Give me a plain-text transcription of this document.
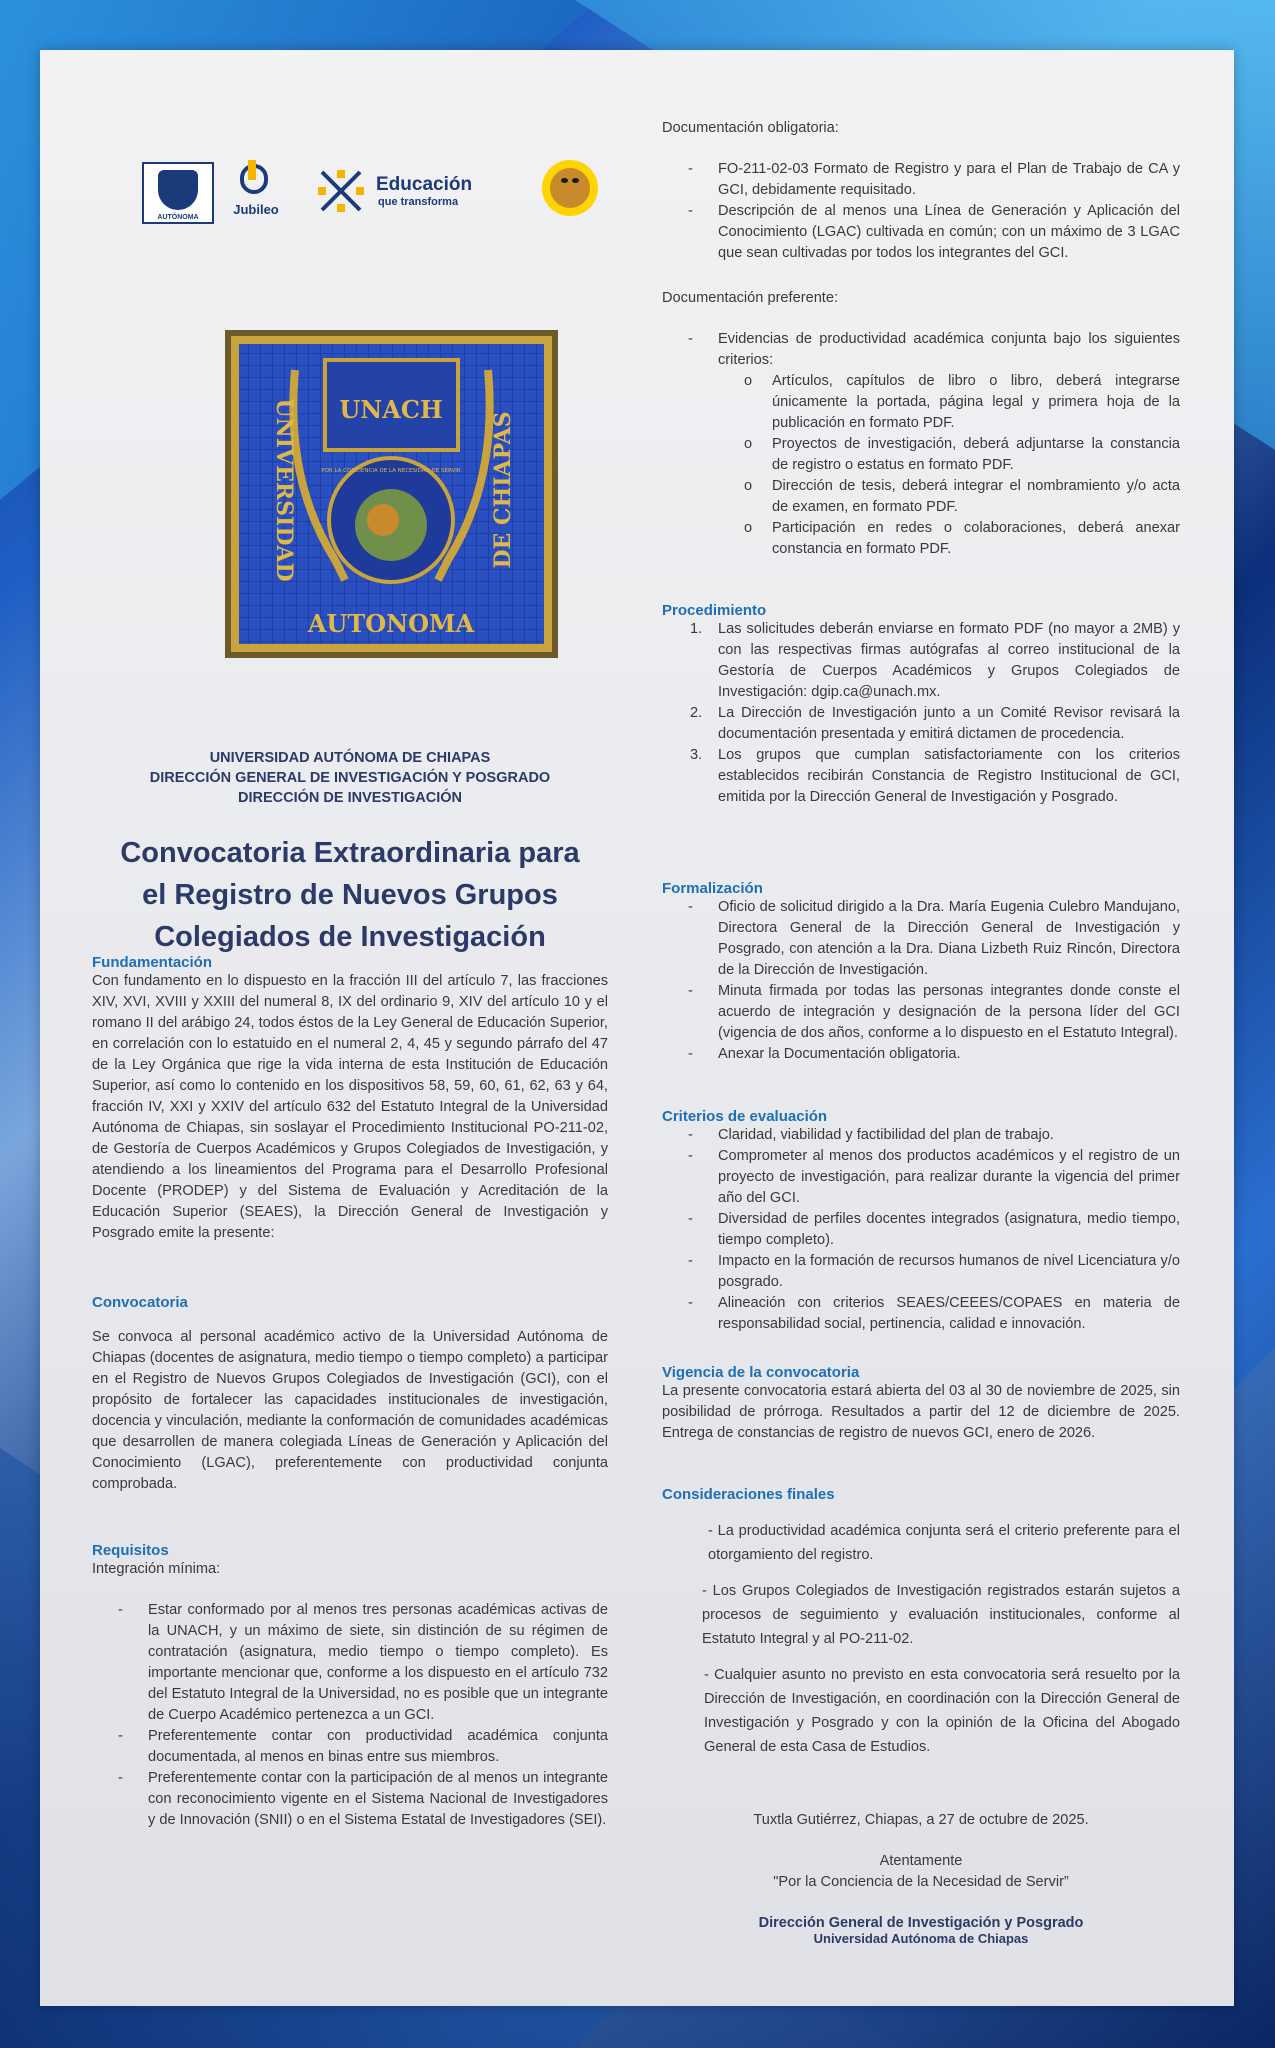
AUTÓNOMA
Jubileo
Educación
que transforma
UNACH
UNIVERSIDAD	DE CHIAPAS
AUTONOMA
POR LA CONCIENCIA DE LA NECESIDAD DE SERVIR
UNIVERSIDAD AUTÓNOMA DE CHIAPAS
DIRECCIÓN GENERAL DE INVESTIGACIÓN Y POSGRADO
DIRECCIÓN DE INVESTIGACIÓN
Convocatoria Extraordinaria para
el Registro de Nuevos Grupos
Colegiados de Investigación
Fundamentación
Con fundamento en lo dispuesto en la fracción III del artículo 7, las fracciones XIV, XVI, XVIII y XXIII del numeral 8, IX del ordinario 9, XIV del artículo 10 y el romano II del arábigo 24, todos éstos de la Ley General de Educación Superior, en correlación con lo estatuido en el numeral 2, 4, 45 y segundo párrafo del 47 de la Ley Orgánica que rige la vida interna de esta Institución de Educación Superior, así como lo contenido en los dispositivos 58, 59, 60, 61, 62, 63 y 64, fracción IV, XXI y XXIV del artículo 632 del Estatuto Integral de la Universidad Autónoma de Chiapas, sin soslayar el Procedimiento Institucional PO-211-02, de Gestoría de Cuerpos Académicos y Grupos Colegiados de Investigación, y atendiendo a los lineamientos del Programa para el Desarrollo Profesional Docente (PRODEP) y del Sistema de Evaluación y Acreditación de la Educación Superior (SEAES), la Dirección General de Investigación y Posgrado emite la presente:
Convocatoria
Se convoca al personal académico activo de la Universidad Autónoma de Chiapas (docentes de asignatura, medio tiempo o tiempo completo) a participar en el Registro de Nuevos Grupos Colegiados de Investigación (GCI), con el propósito de fortalecer las capacidades institucionales de investigación, docencia y vinculación, mediante la conformación de comunidades académicas que desarrollen de manera colegiada Líneas de Generación y Aplicación del Conocimiento (LGAC), preferentemente con productividad conjunta comprobada.
Requisitos
Integración mínima:
- Estar conformado por al menos tres personas académicas activas de la UNACH, y un máximo de siete, sin distinción de su régimen de contratación (asignatura, medio tiempo o tiempo completo). Es importante mencionar que, conforme a los dispuesto en el artículo 732 del Estatuto Integral de la Universidad, no es posible que un integrante de Cuerpo Académico pertenezca a un GCI.
- Preferentemente contar con productividad académica conjunta documentada, al menos en binas entre sus miembros.
- Preferentemente contar con la participación de al menos un integrante con reconocimiento vigente en el Sistema Nacional de Investigadores y de Innovación (SNII) o en el Sistema Estatal de Investigadores (SEI).
Documentación obligatoria:
- FO-211-02-03 Formato de Registro y para el Plan de Trabajo de CA y GCI, debidamente requisitado.
- Descripción de al menos una Línea de Generación y Aplicación del Conocimiento (LGAC) cultivada en común; con un máximo de 3 LGAC que sean cultivadas por todos los integrantes del GCI.
Documentación preferente:
- Evidencias de productividad académica conjunta bajo los siguientes criterios:
o Artículos, capítulos de libro o libro, deberá integrarse únicamente la portada, página legal y primera hoja de la publicación en formato PDF.
o Proyectos de investigación, deberá adjuntarse la constancia de registro o estatus en formato PDF.
o Dirección de tesis, deberá integrar el nombramiento y/o acta de examen, en formato PDF.
o Participación en redes o colaboraciones, deberá anexar constancia en formato PDF.
Procedimiento
1. Las solicitudes deberán enviarse en formato PDF (no mayor a 2MB) y con las respectivas firmas autógrafas al correo institucional de la Gestoría de Cuerpos Académicos y Grupos Colegiados de Investigación: dgip.ca@unach.mx.
2. La Dirección de Investigación junto a un Comité Revisor revisará la documentación presentada y emitirá dictamen de procedencia.
3. Los grupos que cumplan satisfactoriamente con los criterios establecidos recibirán Constancia de Registro Institucional de GCI, emitida por la Dirección General de Investigación y Posgrado.
Formalización
- Oficio de solicitud dirigido a la Dra. María Eugenia Culebro Mandujano, Directora General de la Dirección General de Investigación y Posgrado, con atención a la Dra. Diana Lizbeth Ruiz Rincón, Directora de la Dirección de Investigación.
- Minuta firmada por todas las personas integrantes donde conste el acuerdo de integración y designación de la persona líder del GCI (vigencia de dos años, conforme a lo dispuesto en el Estatuto Integral).
- Anexar la Documentación obligatoria.
Criterios de evaluación
- Claridad, viabilidad y factibilidad del plan de trabajo.
- Comprometer al menos dos productos académicos y el registro de un proyecto de investigación, para realizar durante la vigencia del primer año del GCI.
- Diversidad de perfiles docentes integrados (asignatura, medio tiempo, tiempo completo).
- Impacto en la formación de recursos humanos de nivel Licenciatura y/o posgrado.
- Alineación con criterios SEAES/CEEES/COPAES en materia de responsabilidad social, pertinencia, calidad e innovación.
Vigencia de la convocatoria
La presente convocatoria estará abierta del 03 al 30 de noviembre de 2025, sin posibilidad de prórroga. Resultados a partir del 12 de diciembre de 2025. Entrega de constancias de registro de nuevos GCI, enero de 2026.
Consideraciones finales
- La productividad académica conjunta será el criterio preferente para el otorgamiento del registro.
- Los Grupos Colegiados de Investigación registrados estarán sujetos a procesos de seguimiento y evaluación institucionales, conforme al Estatuto Integral y al PO-211-02.
- Cualquier asunto no previsto en esta convocatoria será resuelto por la Dirección de Investigación, en coordinación con la Dirección General de Investigación y Posgrado y con la opinión de la Oficina del Abogado General de esta Casa de Estudios.
Tuxtla Gutiérrez, Chiapas, a 27 de octubre de 2025.
Atentamente
"Por la Conciencia de la Necesidad de Servir”
Dirección General de Investigación y Posgrado
Universidad Autónoma de Chiapas
